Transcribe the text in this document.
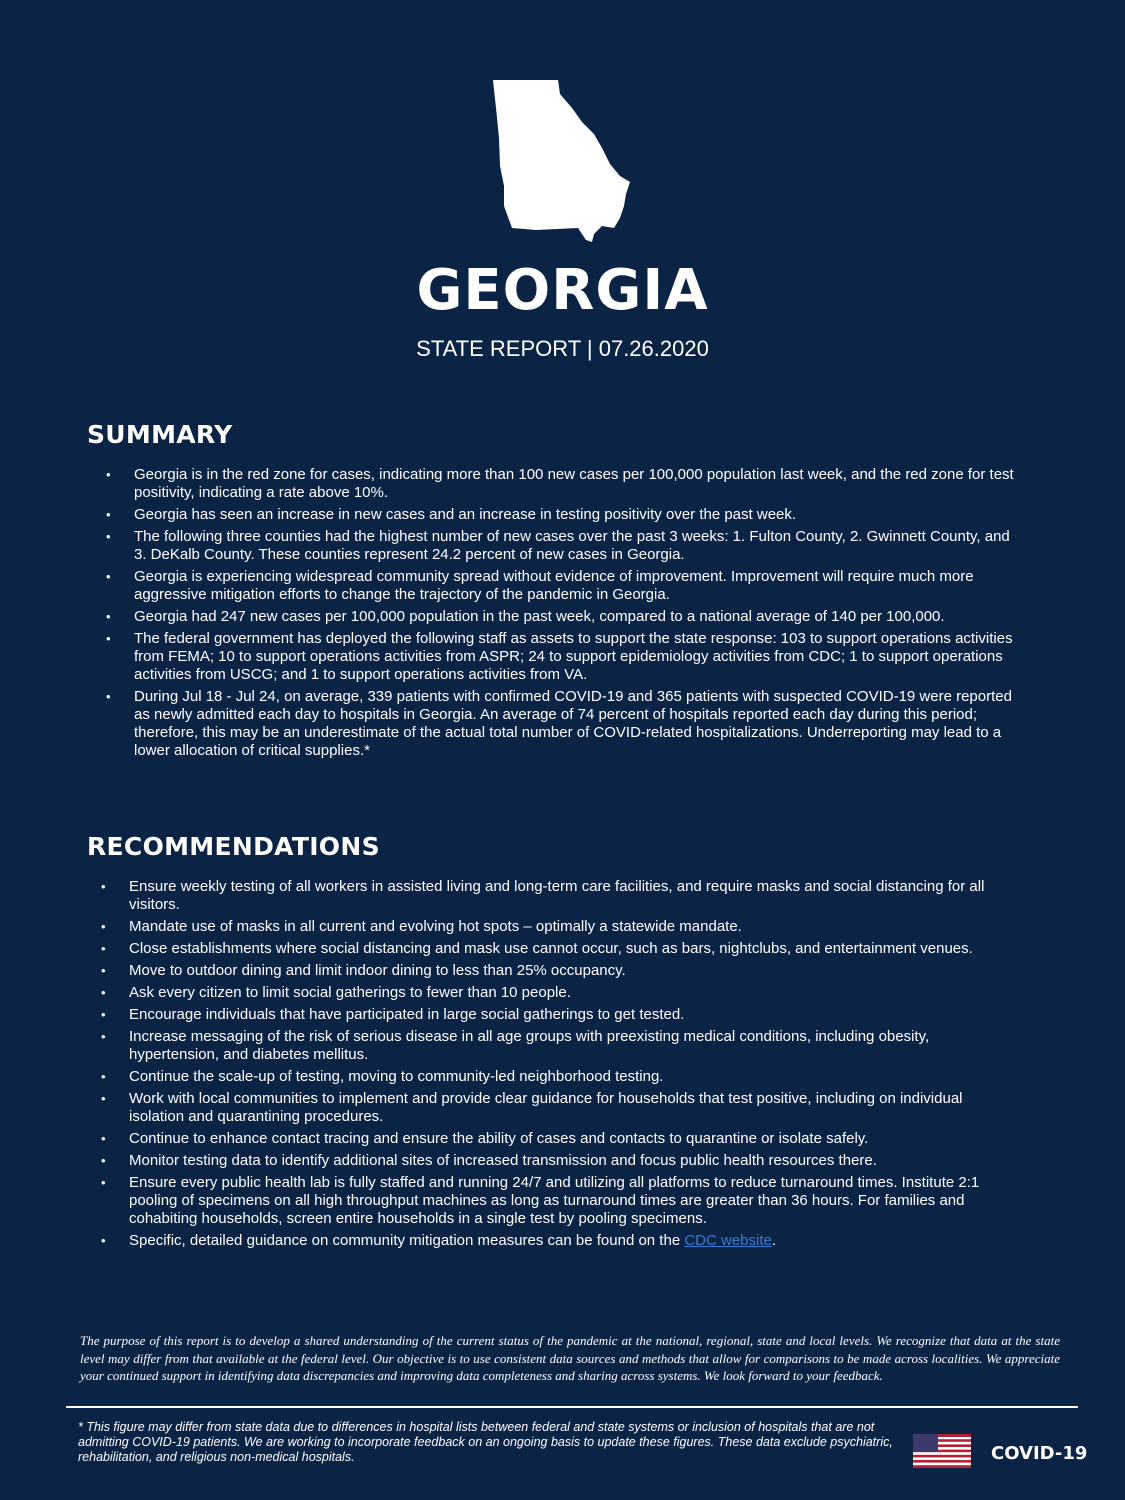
GEORGIA

STATE REPORT | 07.26.2020

SUMMARY
• Georgia is in the red zone for cases, indicating more than 100 new cases per 100,000 population last week, and the red zone for test positivity, indicating a rate above 10%.
• Georgia has seen an increase in new cases and an increase in testing positivity over the past week.
• The following three counties had the highest number of new cases over the past 3 weeks: 1. Fulton County, 2. Gwinnett County, and 3. DeKalb County. These counties represent 24.2 percent of new cases in Georgia.
• Georgia is experiencing widespread community spread without evidence of improvement. Improvement will require much more aggressive mitigation efforts to change the trajectory of the pandemic in Georgia.
• Georgia had 247 new cases per 100,000 population in the past week, compared to a national average of 140 per 100,000.
• The federal government has deployed the following staff as assets to support the state response: 103 to support operations activities from FEMA; 10 to support operations activities from ASPR; 24 to support epidemiology activities from CDC; 1 to support operations activities from USCG; and 1 to support operations activities from VA.
• During Jul 18 - Jul 24, on average, 339 patients with confirmed COVID-19 and 365 patients with suspected COVID-19 were reported as newly admitted each day to hospitals in Georgia. An average of 74 percent of hospitals reported each day during this period; therefore, this may be an underestimate of the actual total number of COVID-related hospitalizations. Underreporting may lead to a lower allocation of critical supplies.*
RECOMMENDATIONS
• Ensure weekly testing of all workers in assisted living and long-term care facilities, and require masks and social distancing for all visitors.
• Mandate use of masks in all current and evolving hot spots – optimally a statewide mandate.
• Close establishments where social distancing and mask use cannot occur, such as bars, nightclubs, and entertainment venues.
• Move to outdoor dining and limit indoor dining to less than 25% occupancy.
• Ask every citizen to limit social gatherings to fewer than 10 people.
• Encourage individuals that have participated in large social gatherings to get tested.
• Increase messaging of the risk of serious disease in all age groups with preexisting medical conditions, including obesity, hypertension, and diabetes mellitus.
• Continue the scale-up of testing, moving to community-led neighborhood testing.
• Work with local communities to implement and provide clear guidance for households that test positive, including on individual isolation and quarantining procedures.
• Continue to enhance contact tracing and ensure the ability of cases and contacts to quarantine or isolate safely.
• Monitor testing data to identify additional sites of increased transmission and focus public health resources there.
• Ensure every public health lab is fully staffed and running 24/7 and utilizing all platforms to reduce turnaround times. Institute 2:1 pooling of specimens on all high throughput machines as long as turnaround times are greater than 36 hours. For families and cohabiting households, screen entire households in a single test by pooling specimens.
• Specific, detailed guidance on community mitigation measures can be found on the CDC website.

The purpose of this report is to develop a shared understanding of the current status of the pandemic at the national, regional, state and local levels. We recognize that data at the state level may differ from that available at the federal level. Our objective is to use consistent data sources and methods that allow for comparisons to be made across localities. We appreciate your continued support in identifying data discrepancies and improving data completeness and sharing across systems. We look forward to your feedback.

* This figure may differ from state data due to differences in hospital lists between federal and state systems or inclusion of hospitals that are not admitting COVID-19 patients. We are working to incorporate feedback on an ongoing basis to update these figures. These data exclude psychiatric, rehabilitation, and religious non-medical hospitals.	COVID-19
